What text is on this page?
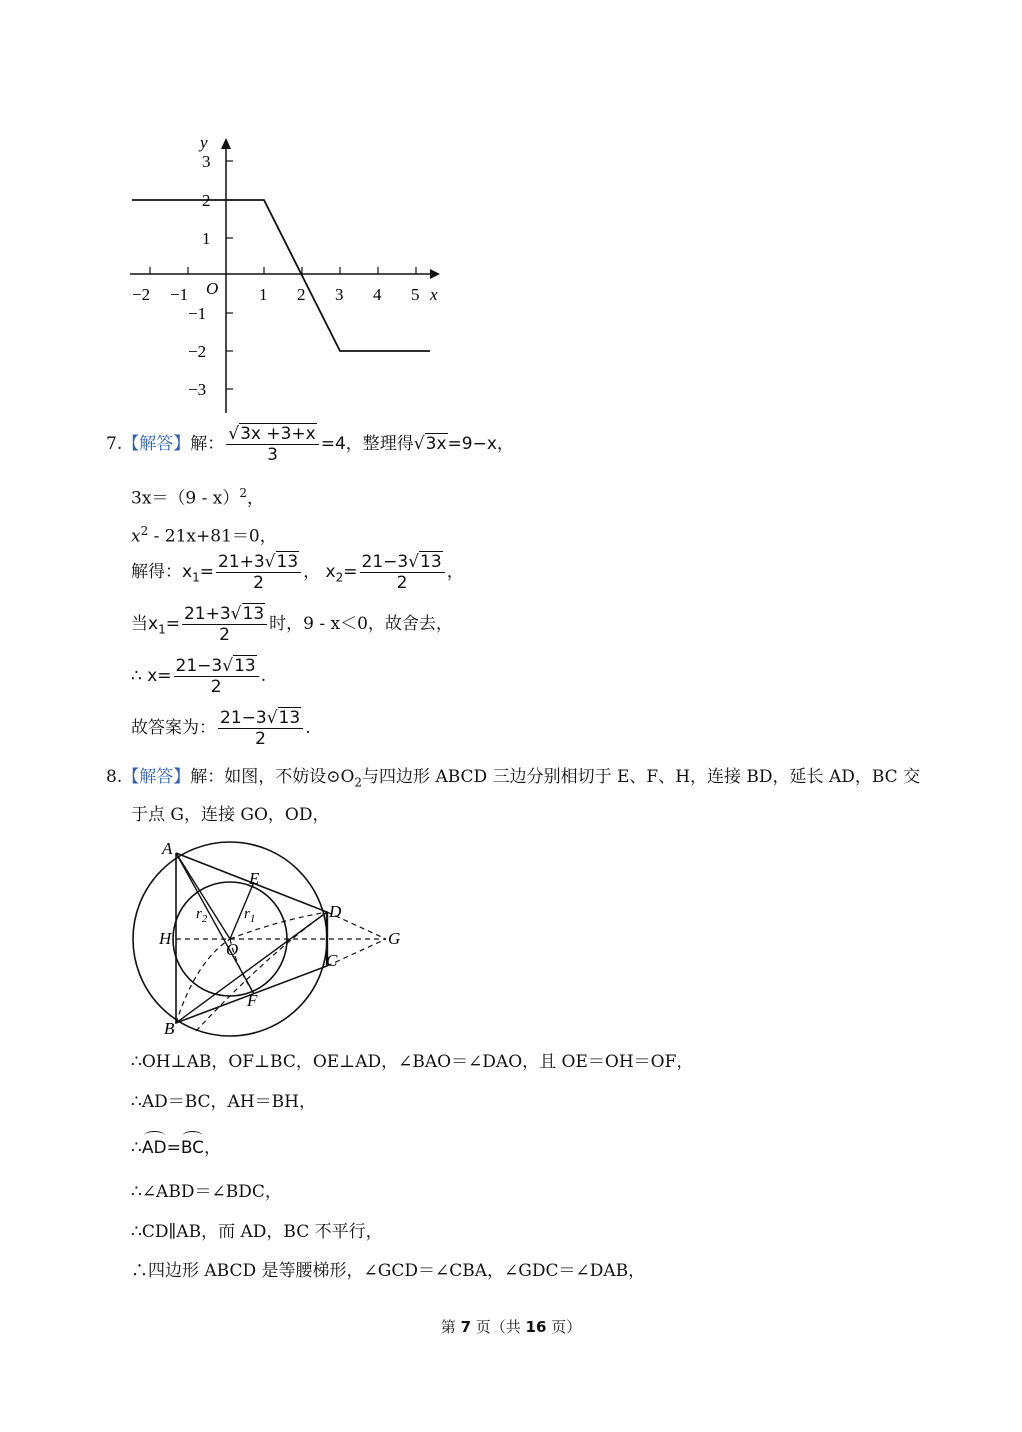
y
x
O
−2 −1	1 2 3 4 5
3
2
1
−1
−2
−3
7.【解答】解： $\frac{√3x +3+x}{3} =4$，整理得√3x=9−x，
3x＝（9 - x）$^2$，
$x^2 - 21x+81=0$，
解得：$x_1= \frac{21+3√13}{2}$ ， $x_2= \frac{21-3√13}{2}$ ，
当$x_1= \frac{21+3√13}{2}$ 时，9 - x＜0，故舍去，
∴ $x= \frac{21-3√13}{2}$ .
故答案为： $\frac{21-3√13}{2}$ .
8.【解答】解：如图，不妨设$⊙O_2$与四边形 ABCD 三边分别相切于 E、F、H，连接 BD，延长 AD，BC 交
于点 G，连接 GO，OD，
A
B
C
D
E
F
G
H
O
$r_2$ $r_1$
∴OH⊥AB，OF⊥BC，OE⊥AD，∠BAO＝∠DAO，且 OE＝OH＝OF，
∴AD＝BC，AH＝BH，
∴
AD=
BC，
∴∠ABD＝∠BDC，
∴CD∥AB，而 AD，BC 不平行，
∴四边形 ABCD 是等腰梯形，∠GCD＝∠CBA，∠GDC＝∠DAB，
第 7 页（共 16 页）
